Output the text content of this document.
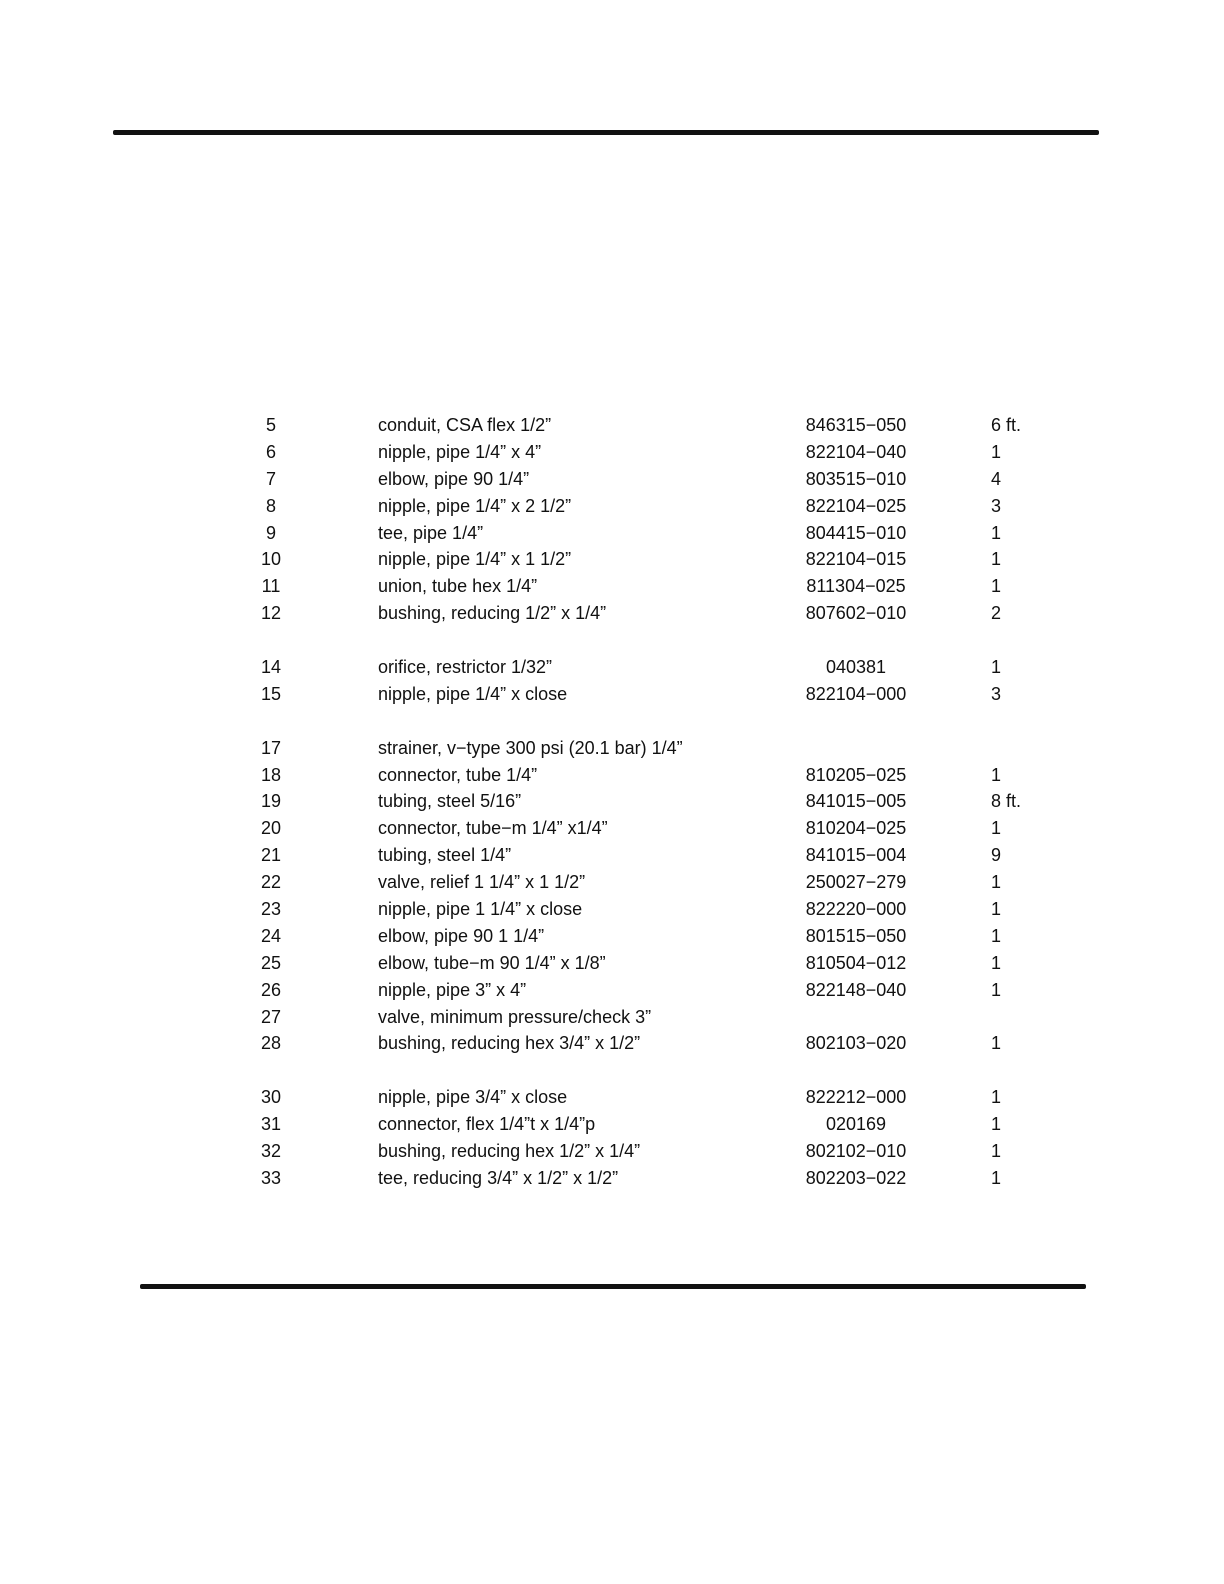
5	conduit, CSA flex 1/2”	846315−050	6 ft.
6	nipple, pipe 1/4” x 4”	822104−040	1
7	elbow, pipe 90 1/4”	803515−010	4
8	nipple, pipe 1/4” x 2 1/2”	822104−025	3
9	tee, pipe 1/4”	804415−010	1
10	nipple, pipe 1/4” x 1 1/2”	822104−015	1
11	union, tube hex 1/4”	811304−025	1
12	bushing, reducing 1/2” x 1/4”	807602−010	2
14	orifice, restrictor 1/32”	040381	1
15	nipple, pipe 1/4” x close	822104−000	3
17	strainer, v−type 300 psi (20.1 bar) 1/4”
18	connector, tube 1/4”	810205−025	1
19	tubing, steel 5/16”	841015−005	8 ft.
20	connector, tube−m 1/4” x1/4”	810204−025	1
21	tubing, steel 1/4”	841015−004	9
22	valve, relief 1 1/4” x 1 1/2”	250027−279	1
23	nipple, pipe 1 1/4” x close	822220−000	1
24	elbow, pipe 90 1 1/4”	801515−050	1
25	elbow, tube−m 90 1/4” x 1/8”	810504−012	1
26	nipple, pipe 3” x 4”	822148−040	1
27	valve, minimum pressure/check 3”
28	bushing, reducing hex 3/4” x 1/2”	802103−020	1
30	nipple, pipe 3/4” x close	822212−000	1
31	connector, flex 1/4”t x 1/4”p	020169	1
32	bushing, reducing hex 1/2” x 1/4”	802102−010	1
33	tee, reducing 3/4” x 1/2” x 1/2”	802203−022	1
